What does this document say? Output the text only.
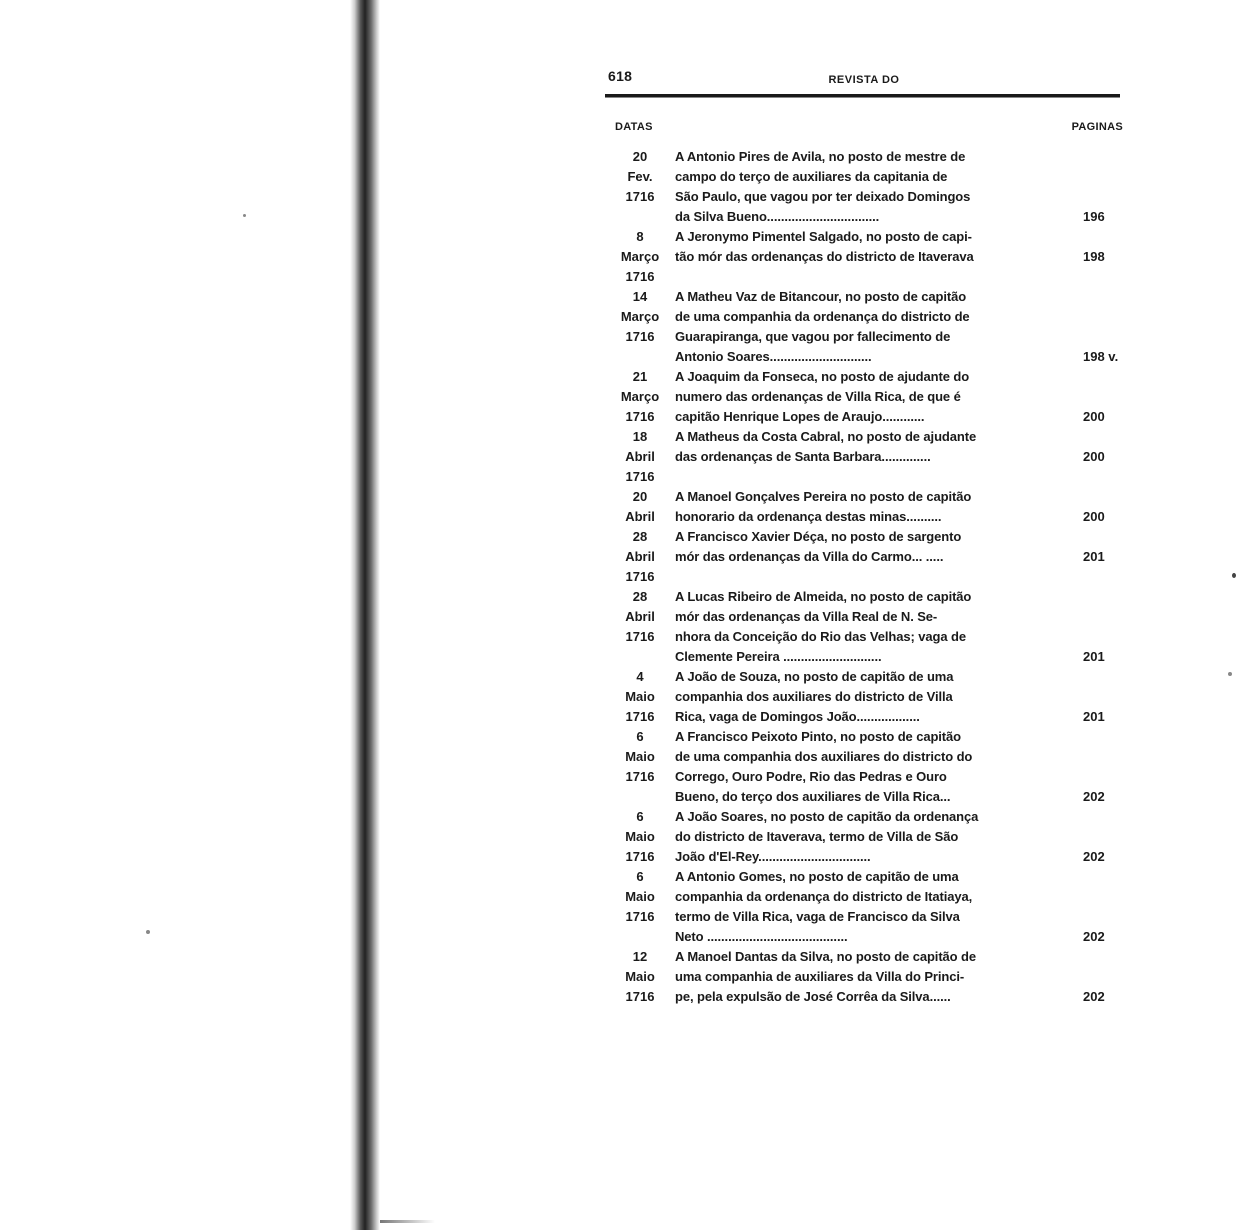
618	REVISTA DO
DATAS	PAGINAS
20
Fev.
1716
A Antonio Pires de Avila, no posto de mestre de
campo do terço de auxiliares da capitania de
São Paulo, que vagou por ter deixado Domingos
da Silva Bueno................................	196
8
Março
1716
A Jeronymo Pimentel Salgado, no posto de capi-
tão mór das ordenanças do districto de Itaverava	198
14
Março
1716
A Matheu Vaz de Bitancour, no posto de capitão
de uma companhia da ordenança do districto de
Guarapiranga, que vagou por fallecimento de
Antonio Soares.............................	198 v.
21
Março
1716
A Joaquim da Fonseca, no posto de ajudante do
numero das ordenanças de Villa Rica, de que é
capitão Henrique Lopes de Araujo............	200
18
Abril
1716
A Matheus da Costa Cabral, no posto de ajudante
das ordenanças de Santa Barbara..............	200
20
Abril
A Manoel Gonçalves Pereira no posto de capitão
honorario da ordenança destas minas..........	200
28
Abril
1716
A Francisco Xavier Déça, no posto de sargento
mór das ordenanças da Villa do Carmo... .....	201
28
Abril
1716
A Lucas Ribeiro de Almeida, no posto de capitão
mór das ordenanças da Villa Real de N. Se-
nhora da Conceição do Rio das Velhas; vaga de
Clemente Pereira ............................	201
4
Maio
1716
A João de Souza, no posto de capitão de uma
companhia dos auxiliares do districto de Villa
Rica, vaga de Domingos João..................	201
6
Maio
1716
A Francisco Peixoto Pinto, no posto de capitão
de uma companhia dos auxiliares do districto do
Corrego, Ouro Podre, Rio das Pedras e Ouro
Bueno, do terço dos auxiliares de Villa Rica...	202
6
Maio
1716
A João Soares, no posto de capitão da ordenança
do districto de Itaverava, termo de Villa de São
João d'El-Rey................................	202
6
Maio
1716
A Antonio Gomes, no posto de capitão de uma
companhia da ordenança do districto de Itatiaya,
termo de Villa Rica, vaga de Francisco da Silva
Neto ........................................	202
12
Maio
1716
A Manoel Dantas da Silva, no posto de capitão de
uma companhia de auxiliares da Villa do Princi-
pe, pela expulsão de José Corrêa da Silva......	202
